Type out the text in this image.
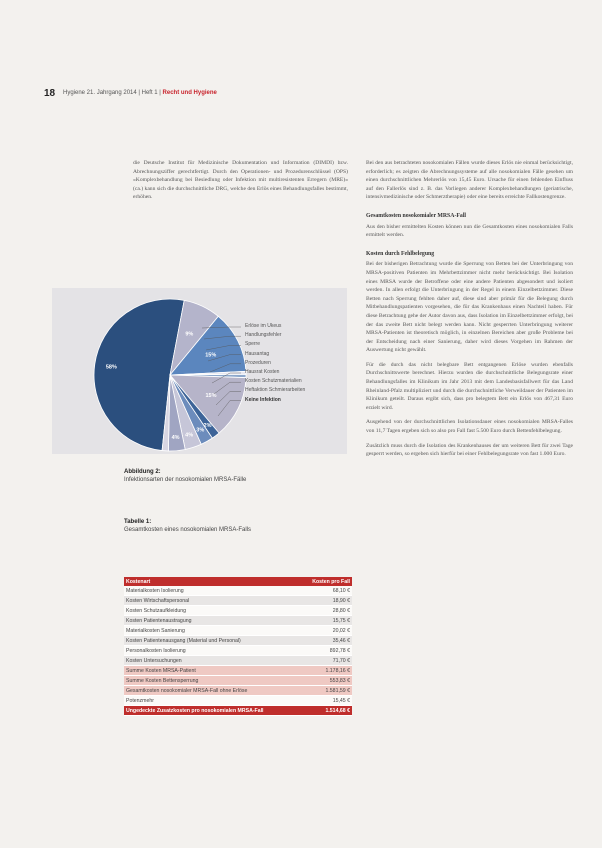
18 Hygiene 21. Jahrgang 2014 | Heft 1 | Recht und Hygiene
die Deutsche Institut für Medizinische Dokumentation und Information (DIMDI) bzw. Abrechnungsziffer gerechtfertigt. Durch den Operationen- und Prozedurenschlüssel (OPS) «Komplexbehandlung bei Besiedlung oder Infektion mit multiresistenten Erregern (MRE)» (ca.) kann sich die durchschnittliche DRG, welche den Erlös eines Behandlungsfalles bestimmt, erhöhen.

Bei den aus betrachteten nosokomialen Fällen wurde dieses Erlös nie einmal berücksichtigt, erforderlich; es zeigten die Abrechnungssysteme auf alle nosokomialen Fälle gesehen um einen durchschnittlichen Mehrerlös von 15,45 Euro. Ursache für einen fehlenden Einfluss auf den Fallerlös sind z. B. das Vorliegen anderer Komplexbehandlungen (geriatrische, intensivmedizinische oder Schmerztherapie) oder eine bereits erreichte Fallkostengrenze.

Gesamtkosten nosokomialer MRSA-Fall

Aus den bisher ermittelten Kosten können nun die Gesamtkosten eines nosokomialen Falls ermittelt werden.

Kosten durch Fehlbelegung

Bei der bisherigen Betrachtung wurde die Sperrung von Betten bei der Unterbringung von MRSA-positiven Patienten im Mehrbettzimmer nicht mehr berücksichtigt. Bei Isolation eines MRSA wurde der Betroffene oder eine andere Patienten abgesondert und isoliert werden. In allen erfolgt die Unterbringung in der Regel in einem Einzelbettzimmer. Diese Betten nach Sperrung fehlten daher auf, diese sind aber primär für die Belegung durch Mitbehandlungspatienten vorgesehen, die für das Krankenhaus einen Nachteil haben. Für diese Betrachtung gehe der Autor davon aus, dass Isolation im Einzelbettzimmer erfolgt, bei der das zweite Bett nicht belegt werden kann. Nicht gesperrten Unterbringung weiterer MRSA-Patienten ist theoretisch möglich, in einzelnen Bereichen aber große Probleme bei der Entscheidung nach einer Sanierung, daher wird dieses Vorgehen im Rahmen der Auswertung nicht gewählt.

Für die durch das nicht belegbare Bett entgangenen Erlöse wurden ebenfalls Durchschnittswerte berechnet. Hierzu wurden die durchschnittliche Belegungsrate einer Behandlungsfalles im Klinikum im Jahr 2013 mit dem Landesbasisfallwert für das Land Rheinland-Pfalz multipliziert und durch die durchschnittliche Verweildauer der Patienten im Klinikum geteilt. Daraus ergibt sich, dass pro belegtem Bett ein Erlös von 467,31 Euro erzielt wird.

Ausgehend von der durchschnittlichen Isolationsdauer eines nosokomialen MRSA-Falles von 11,7 Tagen ergeben sich so also pro Fall fast 5.500 Euro durch Bettenfehlbelegung.

Zusätzlich muss durch die Isolation des Krankenhauses der um weiteren Bett für zwei Tage gesperrt werden, so ergeben sich hierfür bei einer Fehlbelegungsrate von fast 1.000 Euro.

58%
9%
15%
15%
2%
3%
4%
4%
Erlöse im Ukeus
Handlungsfehler
Sperre
Hausantag
Prozeduren
Hausrat Kosten
Kosten Schutzmaterialien
Heftaktion Schmierarbeiten
Keine Infektion
Abbildung 2:
Infektionsarten der nosokomialen MRSA-Fälle
Tabelle 1:
Gesamtkosten eines nosokomialen MRSA-Falls
Kostenart	Kosten pro Fall
Materialkosten Isolierung	68,10 €
Kosten Wirtschaftspersonal	18,90 €
Kosten Schutzaufkleidung	28,80 €
Kosten Patientenaustragung	15,75 €
Materialkosten Sanierung	20,02 €
Kosten Patientenausgang (Material und Personal)	35,46 €
Personalkosten Isolierung	892,78 €
Kosten Untersuchungen	71,70 €
Summe Kosten MRSA-Patient	1.178,16 €
Summe Kosten Bettensperrung	553,83 €
Gesamtkosten nosokomialer MRSA-Fall ohne Erlöse	1.581,59 €
Potenzmehr	15,45 €
Ungedeckte Zusatzkosten pro nosokomialen MRSA-Fall	1.514,68 €
